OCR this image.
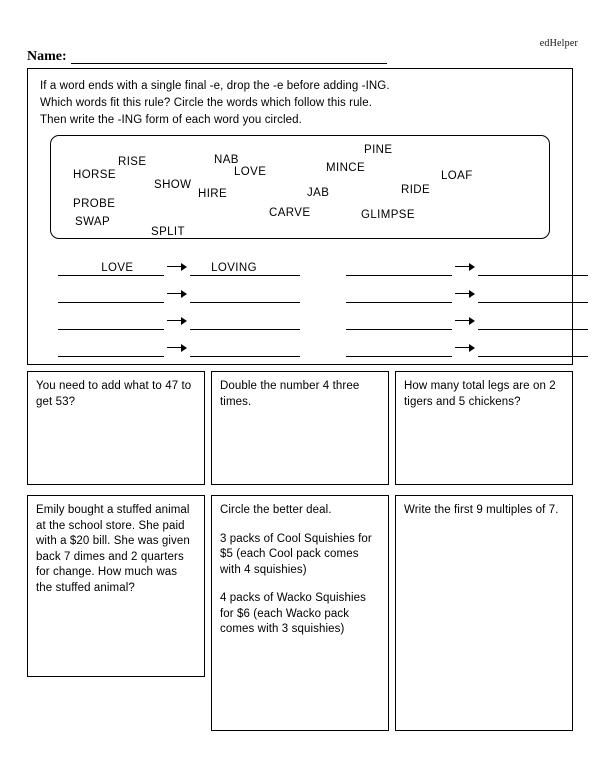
edHelper
Name:
If a word ends with a single final -e, drop the -e before adding -ING.
Which words fit this rule? Circle the words which follow this rule.
Then write the -ING form of each word you circled.
PINE
RISE	NAB
HORSE	LOVE	MINCE
LOAF
SHOW
HIRE	JAB	RIDE
PROBE
CARVE	GLIMPSE
SWAP
SPLIT
LOVE	LOVING

You need to add what to 47 to get 53?

Double the number 4 three times.

How many total legs are on 2 tigers and 5 chickens?

Emily bought a stuffed animal at the school store. She paid with a $20 bill. She was given back 7 dimes and 2 quarters for change. How much was the stuffed animal?

Circle the better deal.

3 packs of Cool Squishies for $5 (each Cool pack comes with 4 squishies)

4 packs of Wacko Squishies for $6 (each Wacko pack comes with 3 squishies)

Write the first 9 multiples of 7.
